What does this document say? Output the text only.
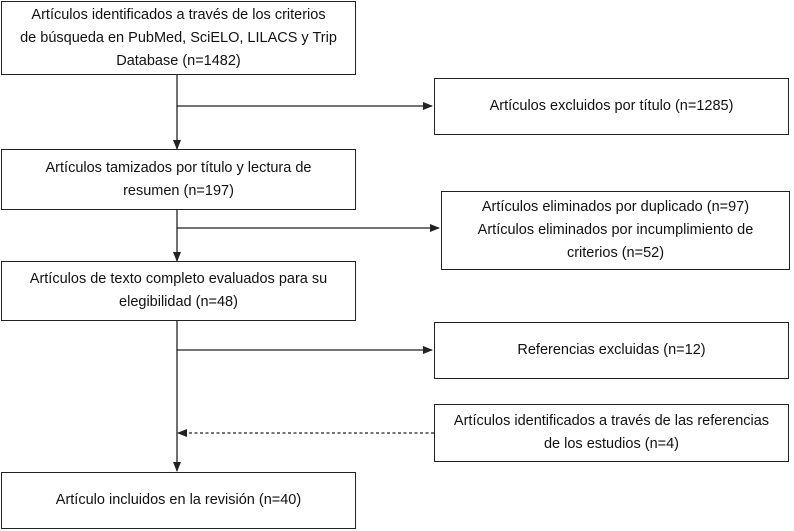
Artículos identificados a través de los criterios
de búsqueda en PubMed, SciELO, LILACS y Trip
Database (n=1482)
Artículos excluidos por título (n=1285)
Artículos tamizados por título y lectura de
resumen (n=197)
Artículos eliminados por duplicado (n=97)
Artículos eliminados por incumplimiento de
criterios (n=52)
Artículos de texto completo evaluados para su
elegibilidad (n=48)
Referencias excluidas (n=12)
Artículos identificados a través de las referencias
de los estudios (n=4)
Artículo incluidos en la revisión (n=40)
